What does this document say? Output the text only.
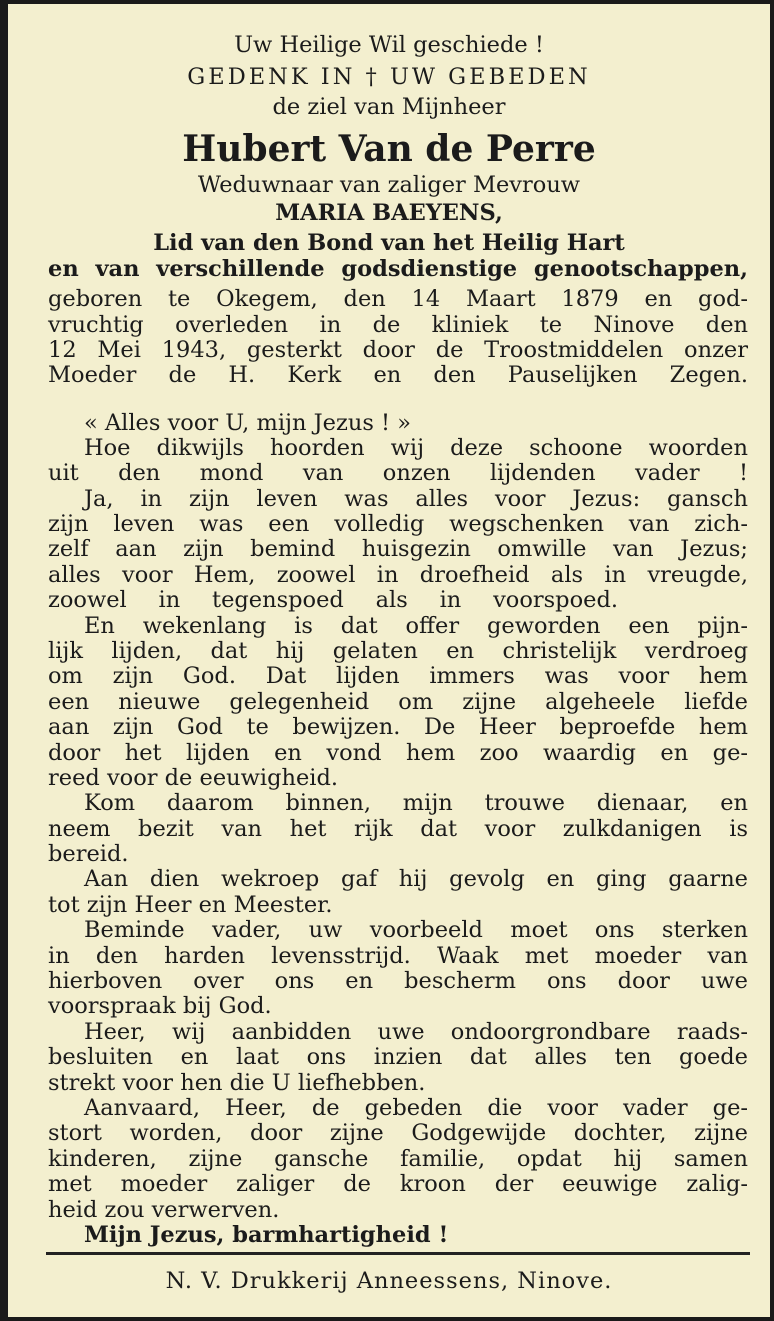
Uw Heilige Wil geschiede !
GEDENK IN † UW GEBEDEN
de ziel van Mijnheer
Hubert Van de Perre
Weduwnaar van zaliger Mevrouw
MARIA BAEYENS,
Lid van den Bond van het Heilig Hart
en van verschillende godsdienstige genootschappen,
geboren te Okegem, den 14 Maart 1879 en god-
vruchtig overleden in de kliniek te Ninove den
12 Mei 1943, gesterkt door de Troostmiddelen onzer
Moeder de H. Kerk en den Pauselijken Zegen.
« Alles voor U, mijn Jezus ! »
Hoe dikwijls hoorden wij deze schoone woorden
uit den mond van onzen lijdenden vader !
Ja, in zijn leven was alles voor Jezus: gansch
zijn leven was een volledig wegschenken van zich-
zelf aan zijn bemind huisgezin omwille van Jezus;
alles voor Hem, zoowel in droefheid als in vreugde,
zoowel in tegenspoed als in voorspoed.
En wekenlang is dat offer geworden een pijn-
lijk lijden, dat hij gelaten en christelijk verdroeg
om zijn God. Dat lijden immers was voor hem
een nieuwe gelegenheid om zijne algeheele liefde
aan zijn God te bewijzen. De Heer beproefde hem
door het lijden en vond hem zoo waardig en ge-
reed voor de eeuwigheid.
Kom daarom binnen, mijn trouwe dienaar, en
neem bezit van het rijk dat voor zulkdanigen is
bereid.
Aan dien wekroep gaf hij gevolg en ging gaarne
tot zijn Heer en Meester.
Beminde vader, uw voorbeeld moet ons sterken
in den harden levensstrijd. Waak met moeder van
hierboven over ons en bescherm ons door uwe
voorspraak bij God.
Heer, wij aanbidden uwe ondoorgrondbare raads-
besluiten en laat ons inzien dat alles ten goede
strekt voor hen die U liefhebben.
Aanvaard, Heer, de gebeden die voor vader ge-
stort worden, door zijne Godgewijde dochter, zijne
kinderen, zijne gansche familie, opdat hij samen
met moeder zaliger de kroon der eeuwige zalig-
heid zou verwerven.
Mijn Jezus, barmhartigheid !
N. V. Drukkerij Anneessens, Ninove.
